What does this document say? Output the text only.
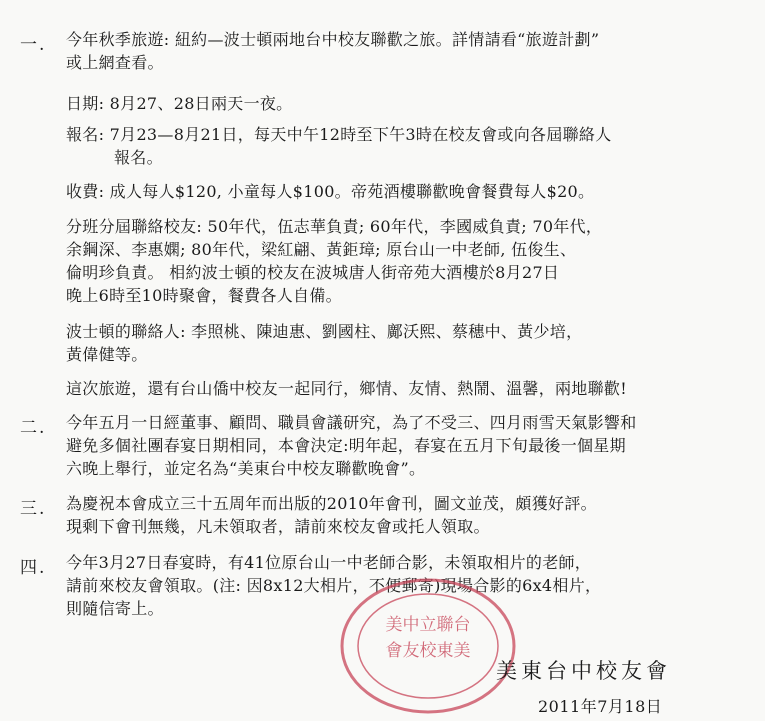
一. 今年秋季旅遊: 紐約—波士頓兩地台中校友聯歡之旅。詳情請看“旅遊計劃”
或上網查看。
日期: 8月27、28日兩天一夜。
報名: 7月23—8月21日，每天中午12時至下午3時在校友會或向各屆聯絡人
報名。
收費: 成人每人$120, 小童每人$100。帝苑酒樓聯歡晚會餐費每人$20。
分班分屆聯絡校友: 50年代，伍志華負責; 60年代，李國威負責; 70年代，
余鋼深、李惠嫻; 80年代，梁紅翩、黃鉅璋; 原台山一中老師, 伍俊生、
倫明珍負責。 相約波士頓的校友在波城唐人街帝苑大酒樓於8月27日
晚上6時至10時聚會，餐費各人自備。
波士頓的聯絡人: 李照桃、陳迪惠、劉國柱、鄺沃熙、蔡穗中、黃少培，
黃偉健等。
這次旅遊，還有台山僑中校友一起同行，鄉情、友情、熱鬧、溫馨，兩地聯歡!
二. 今年五月一日經董事、顧問、職員會議研究，為了不受三、四月雨雪天氣影響和
避免多個社團春宴日期相同，本會決定:明年起，春宴在五月下旬最後一個星期
六晚上舉行，並定名為“美東台中校友聯歡晚會”。
三. 為慶祝本會成立三十五周年而出版的2010年會刊，圖文並茂，頗獲好評。
現剩下會刊無幾，凡未領取者，請前來校友會或托人領取。
四. 今年3月27日春宴時，有41位原台山一中老師合影，未領取相片的老師，
請前來校友會領取。(注: 因8x12大相片，不便郵寄)現場合影的6x4相片，
則隨信寄上。
美中立聯台
會友校東美
美東台中校友會
2011年7月18日
